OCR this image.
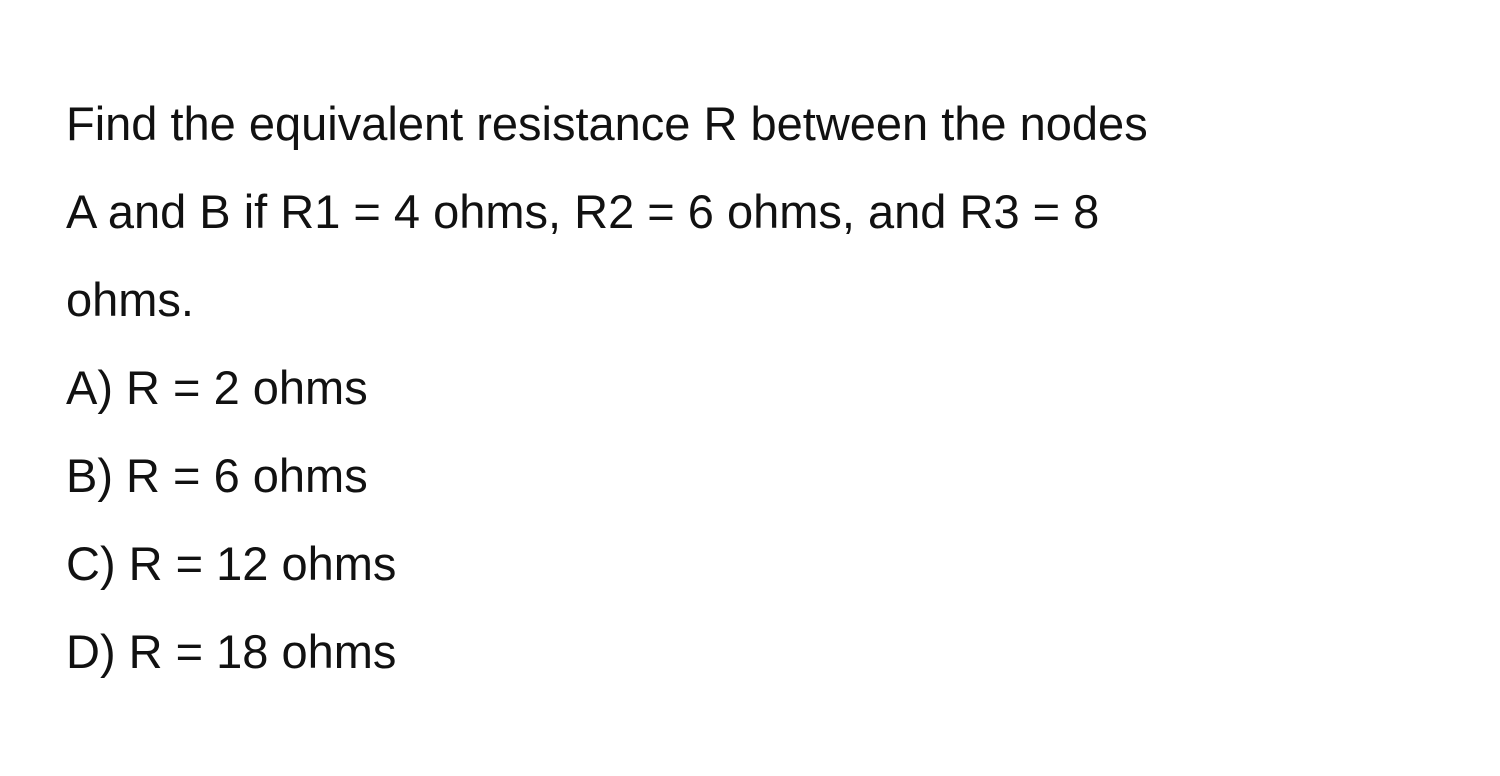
Find the equivalent resistance R between the nodes
A and B if R1 = 4 ohms, R2 = 6 ohms, and R3 = 8
ohms.

A) R = 2 ohms
B) R = 6 ohms
C) R = 12 ohms
D) R = 18 ohms
